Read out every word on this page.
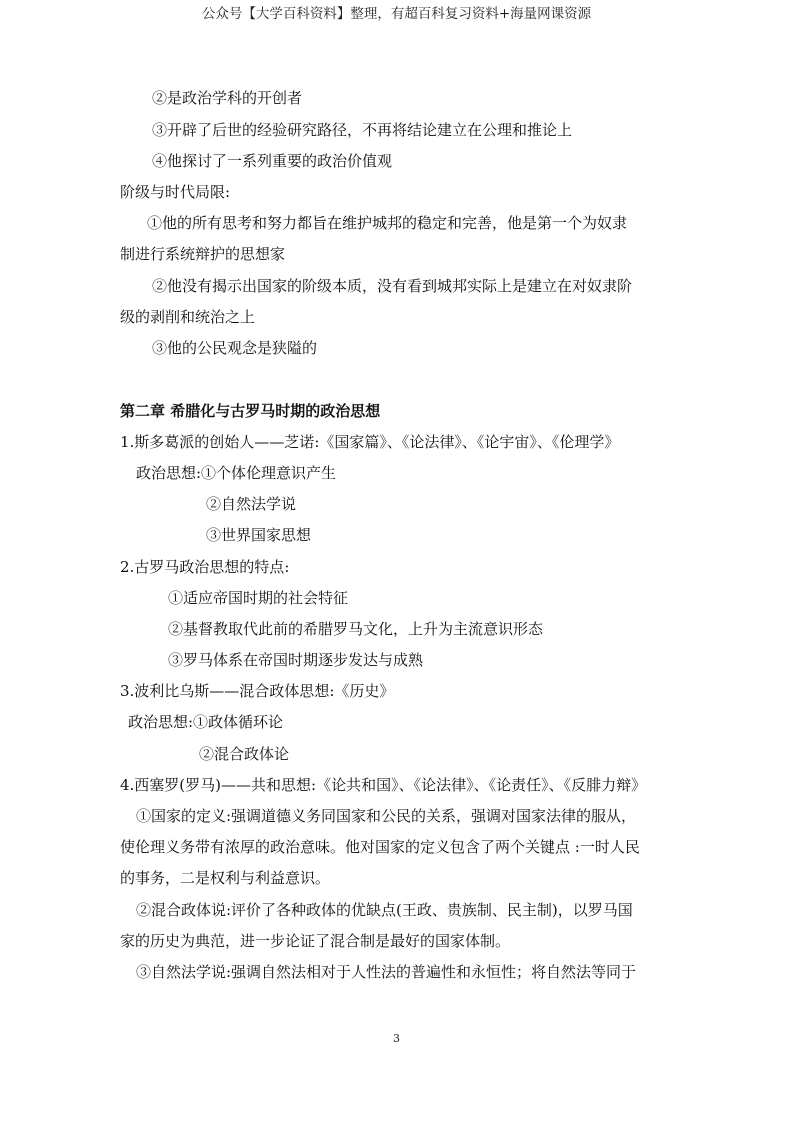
公众号【大学百科资料】整理，有超百科复习资料+海量网课资源
②是政治学科的开创者
③开辟了后世的经验研究路径，不再将结论建立在公理和推论上
④他探讨了一系列重要的政治价值观
阶级与时代局限:
①他的所有思考和努力都旨在维护城邦的稳定和完善，他是第一个为奴隶
制进行系统辩护的思想家
②他没有揭示出国家的阶级本质，没有看到城邦实际上是建立在对奴隶阶
级的剥削和统治之上
③他的公民观念是狭隘的
第二章 希腊化与古罗马时期的政治思想
1.斯多葛派的创始人——芝诺:《国家篇》、《论法律》、《论宇宙》、《伦理学》
政治思想:①个体伦理意识产生
②自然法学说
③世界国家思想
2.古罗马政治思想的特点:
①适应帝国时期的社会特征
②基督教取代此前的希腊罗马文化，上升为主流意识形态
③罗马体系在帝国时期逐步发达与成熟
3.波利比乌斯——混合政体思想:《历史》
政治思想:①政体循环论
②混合政体论
4.西塞罗(罗马)——共和思想:《论共和国》、《论法律》、《论责任》、《反腓力辩》
①国家的定义:强调道德义务同国家和公民的关系，强调对国家法律的服从，
使伦理义务带有浓厚的政治意味。他对国家的定义包含了两个关键点 :一时人民
的事务，二是权利与利益意识。
②混合政体说:评价了各种政体的优缺点(王政、贵族制、民主制)，以罗马国
家的历史为典范，进一步论证了混合制是最好的国家体制。
③自然法学说:强调自然法相对于人性法的普遍性和永恒性；将自然法等同于
3
